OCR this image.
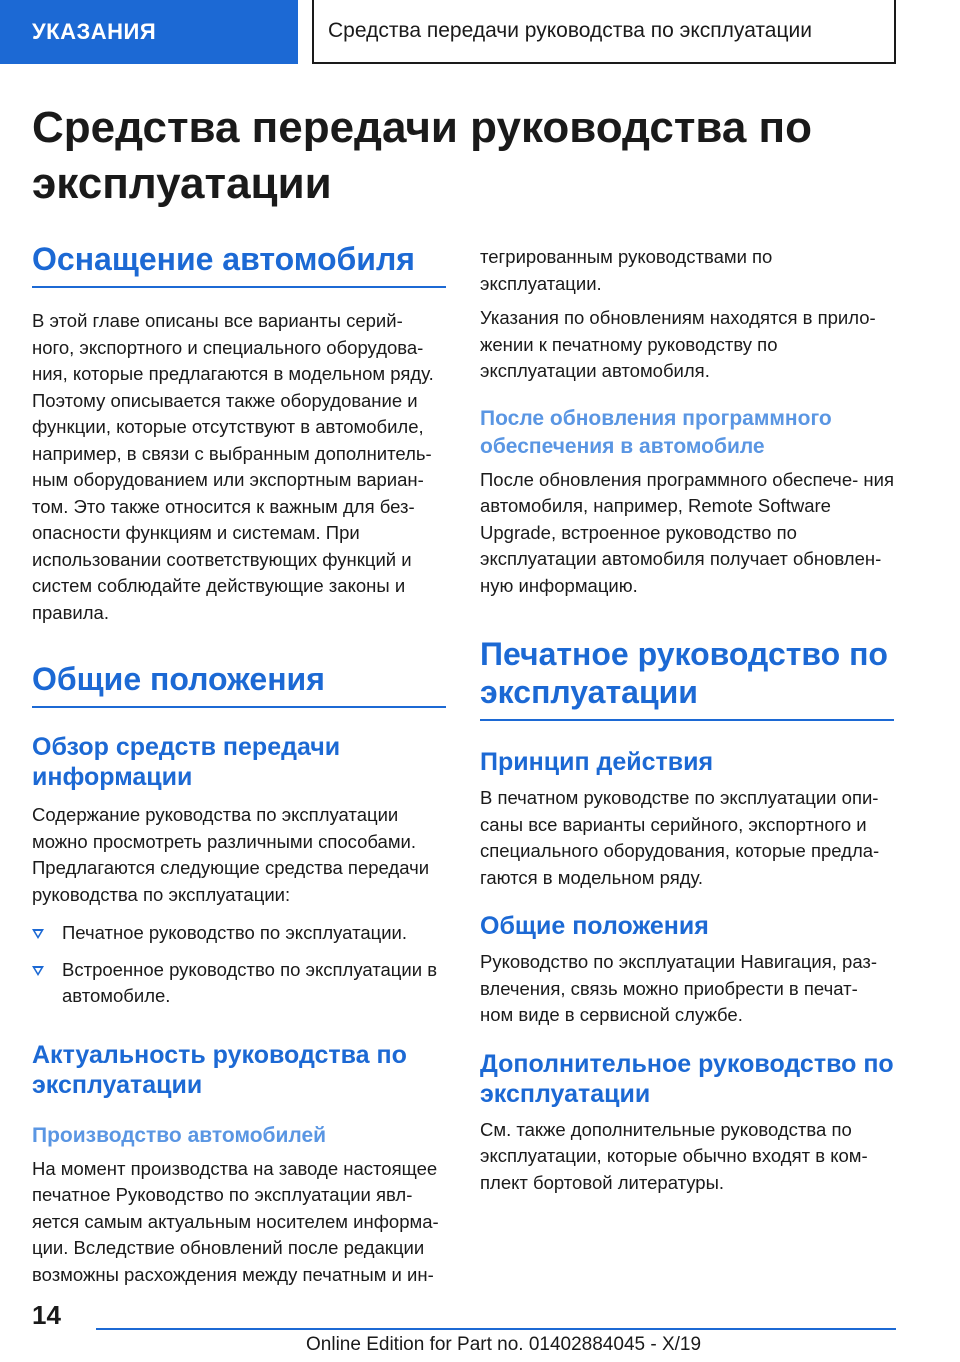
УКАЗАНИЯ	Средства передачи руководства по эксплуатации
Средства передачи руководства по эксплуатации
Оснащение автомобиля

В этой главе описаны все варианты серий- ного, экспортного и специального оборудова- ния, которые предлагаются в модельном ряду. Поэтому описывается также оборудование и функции, которые отсутствуют в автомобиле, например, в связи с выбранным дополнитель- ным оборудованием или экспортным вариан- том. Это также относится к важным для без- опасности функциям и системам. При использовании соответствующих функций и систем соблюдайте действующие законы и правила.

Общие положения
Обзор средств передачи информации

Содержание руководства по эксплуатации можно просмотреть различными способами. Предлагаются следующие средства передачи руководства по эксплуатации:

Печатное руководство по эксплуатации.
Встроенное руководство по эксплуатации в автомобиле.
Актуальность руководства по эксплуатации
Производство автомобилей

На момент производства на заводе настоящее печатное Руководство по эксплуатации явл- яется самым актуальным носителем информа- ции. Вследствие обновлений после редакции возможны расхождения между печатным и ин-

тегрированным руководствами по эксплуатации.

Указания по обновлениям находятся в прило- жении к печатному руководству по эксплуатации автомобиля.

После обновления программного обеспечения в автомобиле

После обновления программного обеспече- ния автомобиля, например, Remote Software Upgrade, встроенное руководство по эксплуатации автомобиля получает обновлен- ную информацию.

Печатное руководство по эксплуатации
Принцип действия

В печатном руководстве по эксплуатации опи- саны все варианты серийного, экспортного и специального оборудования, которые предла- гаются в модельном ряду.

Общие положения

Руководство по эксплуатации Навигация, раз- влечения, связь можно приобрести в печат- ном виде в сервисной службе.

Дополнительное руководство по эксплуатации

См. также дополнительные руководства по эксплуатации, которые обычно входят в ком- плект бортовой литературы.

14
Online Edition for Part no. 01402884045 - X/19
